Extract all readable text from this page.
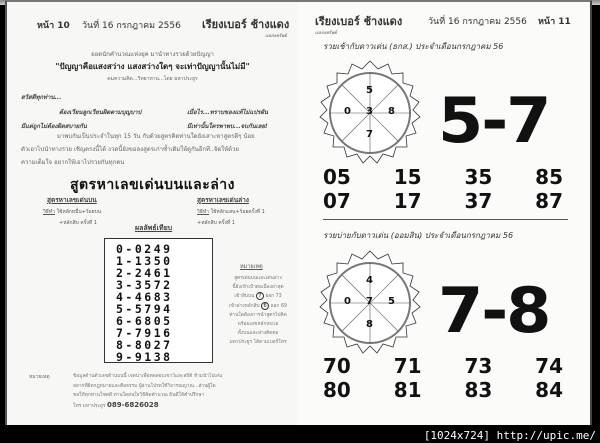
หน้า 10 วันที่ 16 กรกฎาคม 2556 เรียงเบอร์ ช้างแดง
แหล่งทรัพย์
ยอดนักคำนวณแห่งยุค มานำทางรวยด้วยปัญญา
"ปัญญาคือแสงสว่าง แสงสว่างใดๆ จะเท่าปัญญานั้นไม่มี"
คมความคิด...วิทยาทาน...โดย มหาประยูร
สวัสดีทุกท่าน...
ต้องเวียนลูกเวียนผิดตามบุญบาป	เมื่อไร...ทราบของแท้ไม่แปรผัน
มีแต่ถูกไม่ต้องผิดสบายกัน	มีเท่านั้นใครพาพบ...จบกันเลย!
มาพบกันเป็นประจำในทุก 15 วัน กับด้วยสูตรคิดท่านใดยังเสาะหาสูตรดีๆ น้อย
ตัวเอาไปนำทางรวย เชิญตรงนี้ได้ งวดนี้ยังขอลงสูตรเก่าซ้ำเดิมให้ดูกันอีกที..จัดให้ด้วย
ความเต็มใจ อยากให้เอาไปรวยกันทุกคน
สูตรหาเลขเด่นบนและล่าง
สูตรหาเลขเด่นบน	สูตรหาเลขเด่นล่าง
วิธีทำ ใช้หลักหมื่น+ร้อยบน
+หลักสิบ ครั้งที่ 1
วิธีทำ ใช้หลักแสน+ร้อยครั้งที่ 1
+หลักสิบ ครั้งที่ 1
ผลลัพธ์เทียบ
0-0249
1-1350
2-2461
3-3572
4-4683
5-5794
6-6805
7-7916
8-8027
9-9138
หมายเหตุ
สูตรเด่นบนและเด่นล่าง
นี้ยังเข้าเป้าต่อเนื่องล่าสุด
เข้าสิบบน 7 ออก 73
เข้าล่างหลักสิบ 6 ออก 69
ท่านใดต้องการนำสูตรไปคิด
พร้อมเลขหลักหน่วย
ทั้งบนและล่างติดต่อ
มหาประยูร ได้ตามเบอร์โทร
หมายเหตุ	ข้อมูลด้านตัวเลขด้านบนนี้ เจตนาเพื่อทดสอบเชาว์และสถิติ ห้ามนำไปเล่น
สลากที่ผิดกฎหมายและศีลธรรม ผู้อ่านโปรดใช้วิจารณญาณ...ส่วนผู้ใด
ขอให้ทุกท่านโชคดี ท่านใดสนใจวิธีคิดคำนวณ ยินดีให้คำปรึกษา
โทร มหาประยูร 089-6826028
เรียงเบอร์ ช้างแดง
แหล่งทรัพย์
วันที่ 16 กรกฎาคม 2556 หน้า 11
รวยเช้ากับดาวเด่น (ธกส.) ประจำเดือนกรกฎาคม 56
5
0 3 8
7 5-7
05 15 35 85
07 17 37 87
รวยบ่ายกับดาวเด่น (ออมสิน) ประจำเดือนกรกฎาคม 56
4
0 7 5
8 7-8
70 71 73 74
80 81 83 84
[1024x724] http://upic.me/
